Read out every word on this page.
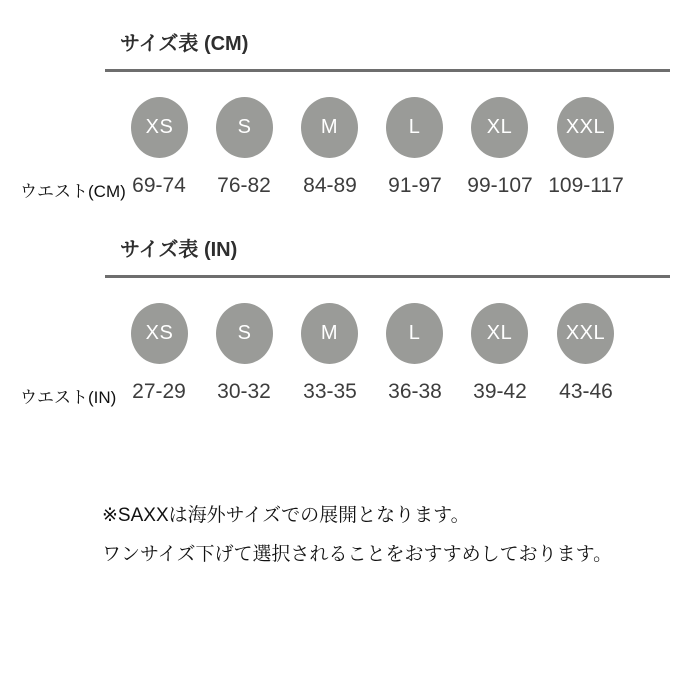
サイズ表 (CM)
XS	S	M	L	XL	XXL
ウエスト(CM) 69-74	76-82	84-89	91-97	99-107 109-117
サイズ表 (IN)
XS	S	M	L	XL	XXL
ウエスト(IN) 27-29	30-32	33-35	36-38	39-42	43-46

※SAXXは海外サイズでの展開となります。

ワンサイズ下げて選択されることをおすすめしております。
